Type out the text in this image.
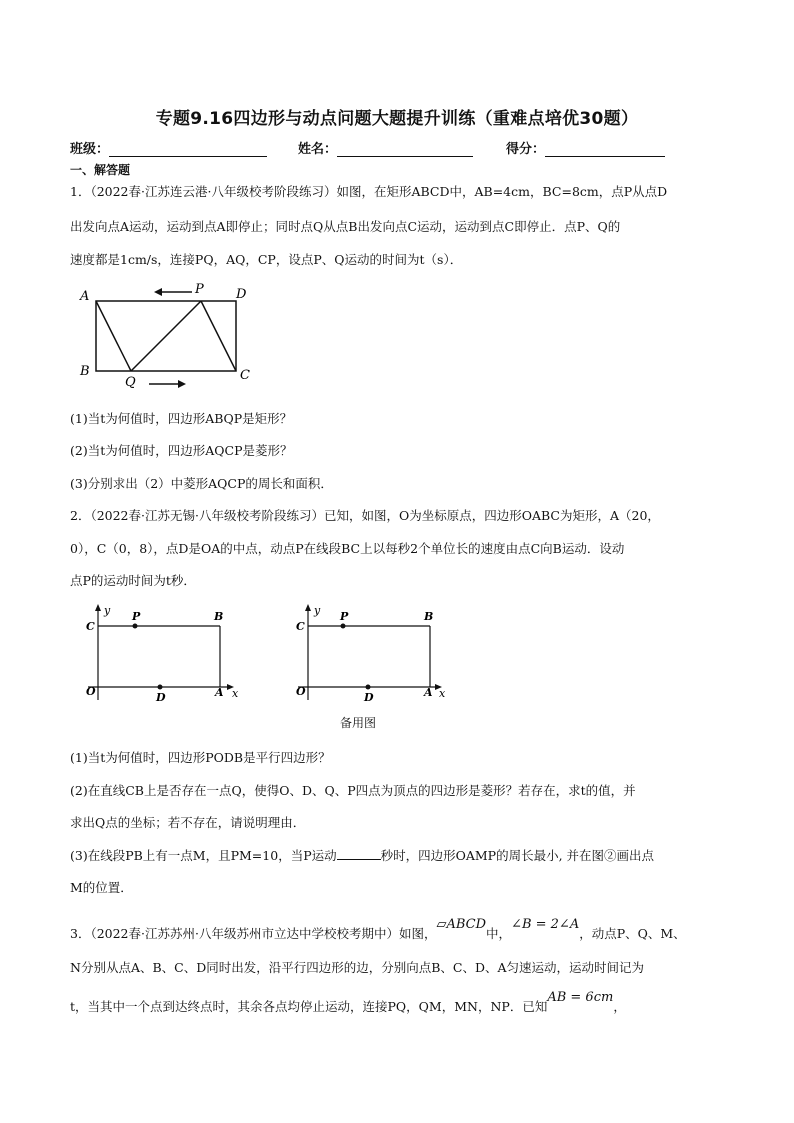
专题9.16四边形与动点问题大题提升训练（重难点培优30题）
班级：	姓名：	得分：
一、解答题
1．（2022春·江苏连云港·八年级校考阶段练习）如图，在矩形ABCD中，AB=4cm，BC=8cm，点P从点D
出发向点A运动，运动到点A即停止；同时点Q从点B出发向点C运动，运动到点C即停止．点P、Q的
速度都是1cm/s，连接PQ，AQ，CP，设点P、Q运动的时间为t（s）．
A
B	C
D
P
Q
(1)当t为何值时，四边形ABQP是矩形？
(2)当t为何值时，四边形AQCP是菱形？
(3)分别求出（2）中菱形AQCP的周长和面积．
2．（2022春·江苏无锡·八年级校考阶段练习）已知，如图，O为坐标原点，四边形OABC为矩形，A（20，
0），C（0，8），点D是OA的中点，动点P在线段BC上以每秒2个单位长的速度由点C向B运动．设动
点P的运动时间为t秒．
y
x
C
P	B
O	D	A
y
x
C
P	B
O	D	A
备用图
(1)当t为何值时，四边形PODB是平行四边形？
(2)在直线CB上是否存在一点Q，使得O、D、Q、P四点为顶点的四边形是菱形？若存在，求t的值，并
求出Q点的坐标；若不存在，请说明理由．
(3)在线段PB上有一点M，且PM=10，当P运动	秒时，四边形OAMP的周长最小, 并在图②画出点
M的位置．
3．（2022春·江苏苏州·八年级苏州市立达中学校校考期中）如图，▱ABCD中，∠B = 2∠A，动点P、Q、M、
N分别从点A、B、C、D同时出发，沿平行四边形的边，分别向点B、C、D、A匀速运动，运动时间记为
t，当其中一个点到达终点时，其余各点均停止运动，连接PQ，QM，MN，NP．已知AB = 6cm，
